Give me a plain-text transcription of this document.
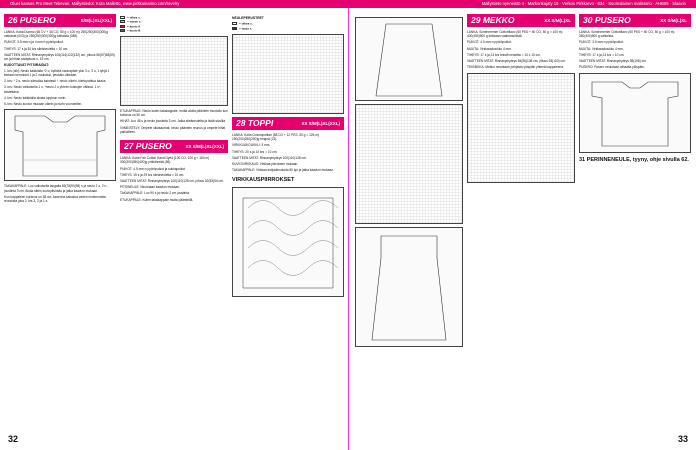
Oluet kansas Pro Meet Tekevan. Mallystiedot: Kota Malletto, www.pirkkainarino.com/ravelry	Mallystieto nyeneistö 4 · Markonkajaty 15 · Verkon Pirkkarvo · 634 · Suomalainen malistorio · AHB05 · Slaavin
26 PUSERO	S/M(L)XL(XXL)

LANKA: Kotia Duomo (66 CV + 34 CO, 50 g = 100 m) 250(250)300(300)g valkoista (003) ja 250(250)300(300)g keltaista (085).

PUIKOT: 3.5 mm:n ja 4 mm:n pyöröpuikot.

TIHEYS: 17 s ja 30 krs sileäneuletta = 10 cm.

VAATTEEN MITAT: Rinnanympärys 106(116)122(132) cm, pituus 56(57)58(59) cm ja hihan sisäpituus n. 19 cm.

KUDOTTAVAT PITSIRAIDAT:

1. krs (oik): Neulo kaikkialla *2 o, kytketä nauhapiste yksi 3 o, 3 o, 1 tyhjä 1 kertaan kerrokset 1 ja 2 nauhaksi, peukalo-oikeaan.

2. krs: * 2 o, neulo silmukka kahdesti *, neulo oikein, kiertopahtua kaava.

3. krs: Neulo valkoisella 1 o, *neulo 2 o yhteen toistojen välissä, 1 o*, toistettava.

4. krs: Neulo kaikkialla alusta loppuun nurin.

5. krs: Neulo kuvion mukaan oikein ja nurin vuorotellen.

TAKAKAPPALE: Luo valkoisella langalla 69(78)90(98) s ja neulo 2 o, 2 n -joustinta 3 cm. Aloita sitten kuviopitsiraita ja jatka kaavion mukaan.

Kun kappaleen korkeus on 38 cm, kavenna kainaloa varten molemmista reunoista joka 2. krs 3, 2 ja 1 s.

= oikea s.
= vasen s.
= kuvio A
= kuvio B

ETUKAPPALE: Neulo kuten takakappale, mutta aloita pääntien muotoilu kun korkeus on 50 cm.

HIHAT: Luo 48 s ja neulo joustinta 3 cm. Jatka sileäneuletta ja lisää sivuilla.

VIIMEISTELY: Ompele olkasaumat, neulo pääntien reunus ja ompele hihat paikoilleen.

27 PUSERO	XX S/M(L)XL(XXL)

LANKA: Kotia Fair Cotton Hand Dyed (100 CO, 100 g = 160 m) 300(300)350(400)g yrttivihreää (56).

PUIKOT: 4.5 mm:n pyöröpuikot ja sukkapuikot.

TIHEYS: 19 s ja 29 krs sileäneuletta = 10 cm.

VAATTEEN MITAT: Rinnanympärys 100(110)128 cm, pituus 52(53)54 cm.

PITSINEULE: Neulotaan kaavion mukaan.

TAKAKAPPALE: Luo 90 s ja neulo 2 cm joustinta.

ETUKAPPALE: Kuten takakappale mutta pääntiellä.

NEULEPERUSTEET
= oikea s.
= nurja s.
28 TOPPI	XX S/M(L)XL(XXL)

LANKA: Kotia Cosmopolitan (88 CO + 12 PES, 50 g = 125 m) 150(200)250(250)g beigeä (23).

VIRKKUUKOUKKU: 3 mm.

TIHEYS: 20 s ja 10 krs = 10 cm.

VAATTEEN MITAT: Rinnanympärys 100(110)128 cm.

KUVIOVIRKKAUS: Virkkaa piirroksen mukaan.

TAKAKAPPALE: Virkkaa ketjusilmukoita 80 kpl ja jatka kaavion mukaan.

VIRKKAUSPIIRROKSET
32
29 MEKKO	XX S/M(L)XL

LANKA: Scheheremer Cottonflavo (50 PES + 50 CO, 50 g = 100 m) 400(450)500 g kirkkaan vaaleansinistä.

PUIKOT: 4.5 mm:n pyöröpuikot.

MUUTA: Virkkauskoukku 4 mm.

TIHEYS: 17 s ja 24 krs tekstit neuletta = 10 x 10 cm.

VAATTEEN MITAT: Rinnanympärys 84(96)108 cm, pituus 93(100) cm.

TEKNIIKKA: Mekko neulotaan pohjasta ylöspäin yhtenä kappaleena.

30 PUSERO	XX S/M(L)XL

LANKA: Scheheremer Cottonflavo (50 PES + 50 CO, 50 g = 100 m) 350(400)500 g valkoista.

PUIKOT: 3.5 mm:n pyöröpuikot.

MUUTA: Virkkauskoukku 4 mm.

TIHEYS: 17 s ja 24 krs = 10 cm.

VAATTEEN MITAT: Rinnanympärys 98(108) cm.

PUSERO: Pusero neulotaan alhaalta ylöspäin.

31 PERINNENEULE, tyyny, ohje sivulla 62.
33
